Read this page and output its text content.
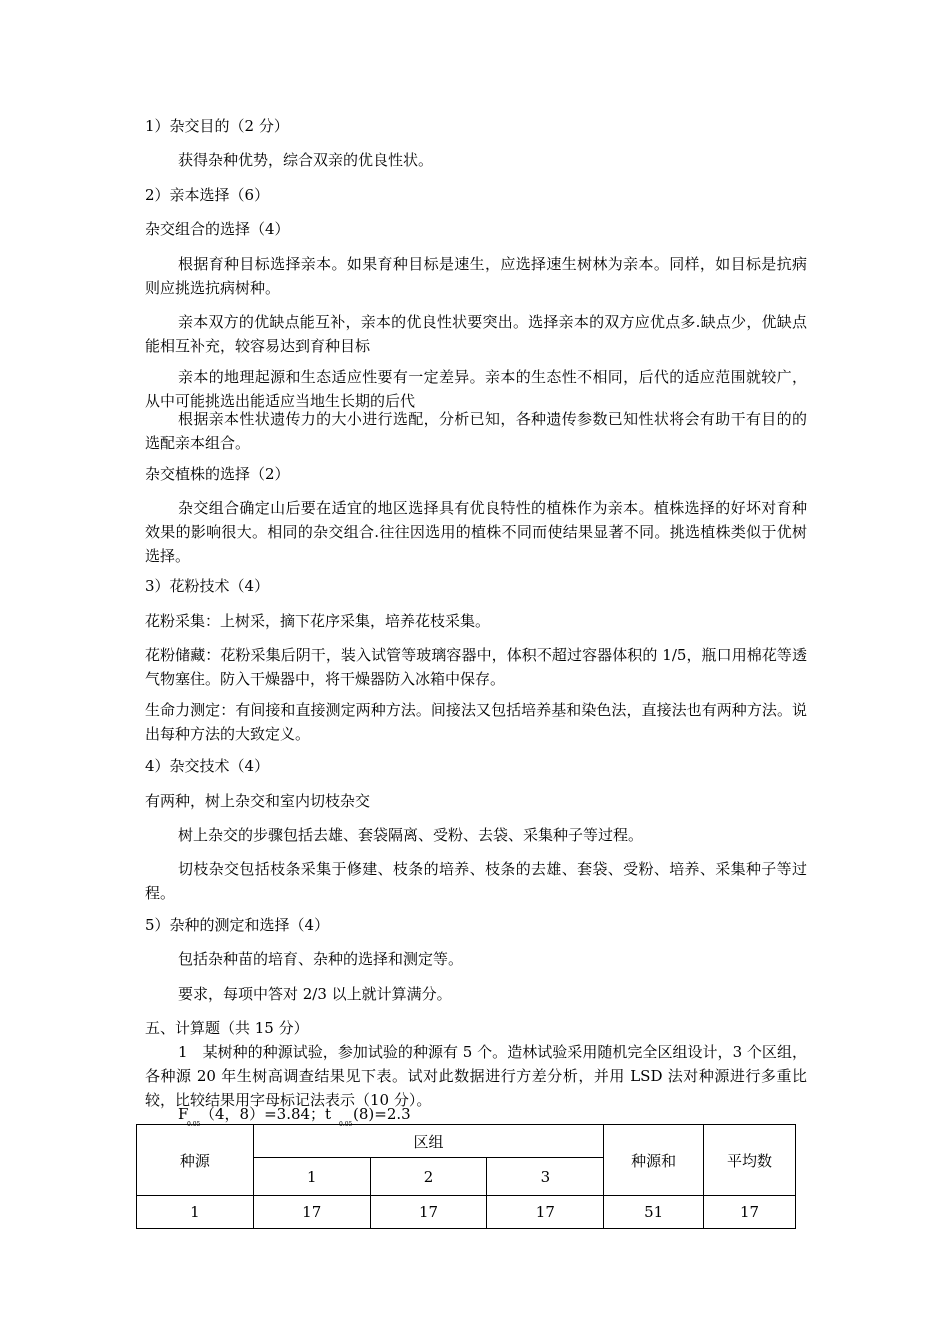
1）杂交目的（2 分）

获得杂种优势，综合双亲的优良性状。

2）亲本选择（6）

杂交组合的选择（4）

根据育种目标选择亲本。如果育种目标是速生，应选择速生树林为亲本。同样，如目标是抗病则应挑选抗病树种。

亲本双方的优缺点能互补，亲本的优良性状要突出。选择亲本的双方应优点多.缺点少，优缺点能相互补充，较容易达到育种目标

亲本的地理起源和生态适应性要有一定差异。亲本的生态性不相同，后代的适应范围就较广，从中可能挑选出能适应当地生长期的后代

根据亲本性状遗传力的大小进行选配，分析已知，各种遗传参数已知性状将会有助干有目的的选配亲本组合。

杂交植株的选择（2）

杂交组合确定山后要在适宜的地区选择具有优良特性的植株作为亲本。植株选择的好坏对育种效果的影响很大。相同的杂交组合.往往因选用的植株不同而使结果显著不同。挑选植株类似于优树选择。

3）花粉技术（4）

花粉采集：上树采，摘下花序采集，培养花枝采集。

花粉储藏：花粉采集后阴干，装入试管等玻璃容器中，体积不超过容器体积的 1/5，瓶口用棉花等透气物塞住。防入干燥器中，将干燥器防入冰箱中保存。

生命力测定：有间接和直接测定两种方法。间接法又包括培养基和染色法，直接法也有两种方法。说出每种方法的大致定义。

4）杂交技术（4）

有两种，树上杂交和室内切枝杂交

树上杂交的步骤包括去雄、套袋隔离、受粉、去袋、采集种子等过程。

切枝杂交包括枝条采集于修建、枝条的培养、枝条的去雄、套袋、受粉、培养、采集种子等过程。

5）杂种的测定和选择（4）

包括杂种苗的培育、杂种的选择和测定等。

要求，每项中答对 2/3 以上就计算满分。

五、计算题（共 15 分）

1　某树种的种源试验，参加试验的种源有 5 个。造林试验采用随机完全区组设计，3 个区组，各种源 20 年生树高调查结果见下表。试对此数据进行方差分析，并用 LSD 法对种源进行多重比较，比较结果用字母标记法表示（10 分）。

F
0.05
（4，8）=3.84；t
0.05
(8)=2.3
种源	区组			种源和	平均数
	1	2	3		
1	17	17	17	51	17
